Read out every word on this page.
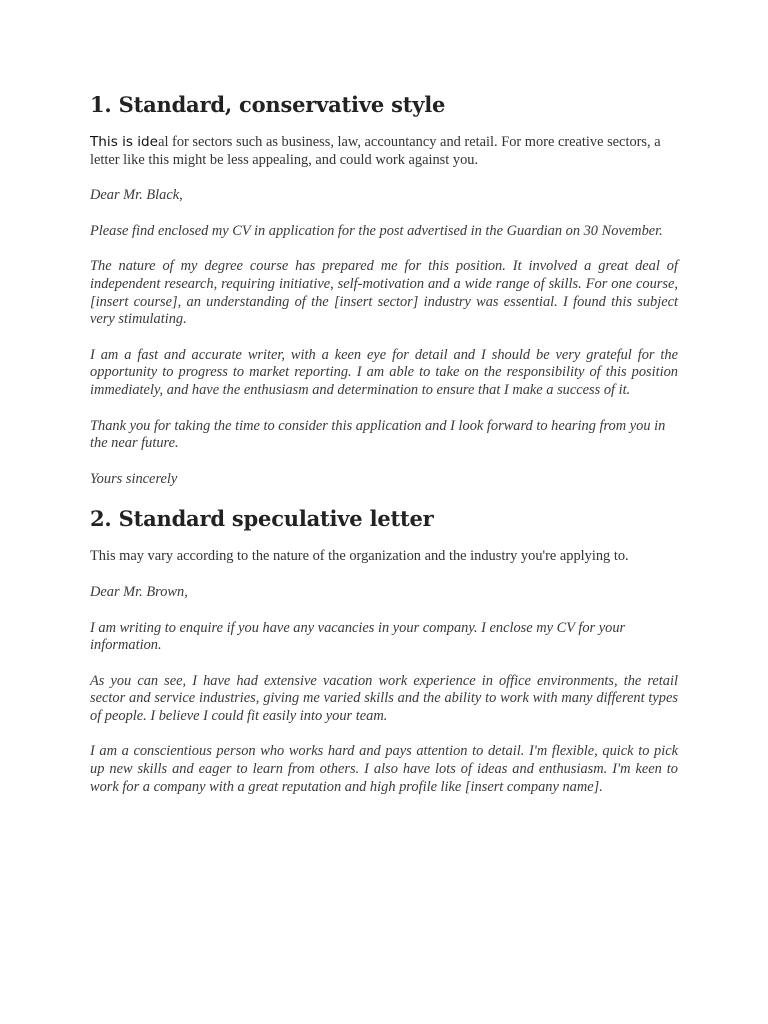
1. Standard, conservative style

This is ideal for sectors such as business, law, accountancy and retail. For more creative sectors, a letter like this might be less appealing, and could work against you.

Dear Mr. Black,

Please find enclosed my CV in application for the post advertised in the Guardian on 30 November.

The nature of my degree course has prepared me for this position. It involved a great deal of independent research, requiring initiative, self-motivation and a wide range of skills. For one course, [insert course], an understanding of the [insert sector] industry was essential. I found this subject very stimulating.

I am a fast and accurate writer, with a keen eye for detail and I should be very grateful for the opportunity to progress to market reporting. I am able to take on the responsibility of this position immediately, and have the enthusiasm and determination to ensure that I make a success of it.

Thank you for taking the time to consider this application and I look forward to hearing from you in the near future.

Yours sincerely

2. Standard speculative letter

This may vary according to the nature of the organization and the industry you're applying to.

Dear Mr. Brown,

I am writing to enquire if you have any vacancies in your company. I enclose my CV for your information.

As you can see, I have had extensive vacation work experience in office environments, the retail sector and service industries, giving me varied skills and the ability to work with many different types of people. I believe I could fit easily into your team.

I am a conscientious person who works hard and pays attention to detail. I'm flexible, quick to pick up new skills and eager to learn from others. I also have lots of ideas and enthusiasm. I'm keen to work for a company with a great reputation and high profile like [insert company name].
